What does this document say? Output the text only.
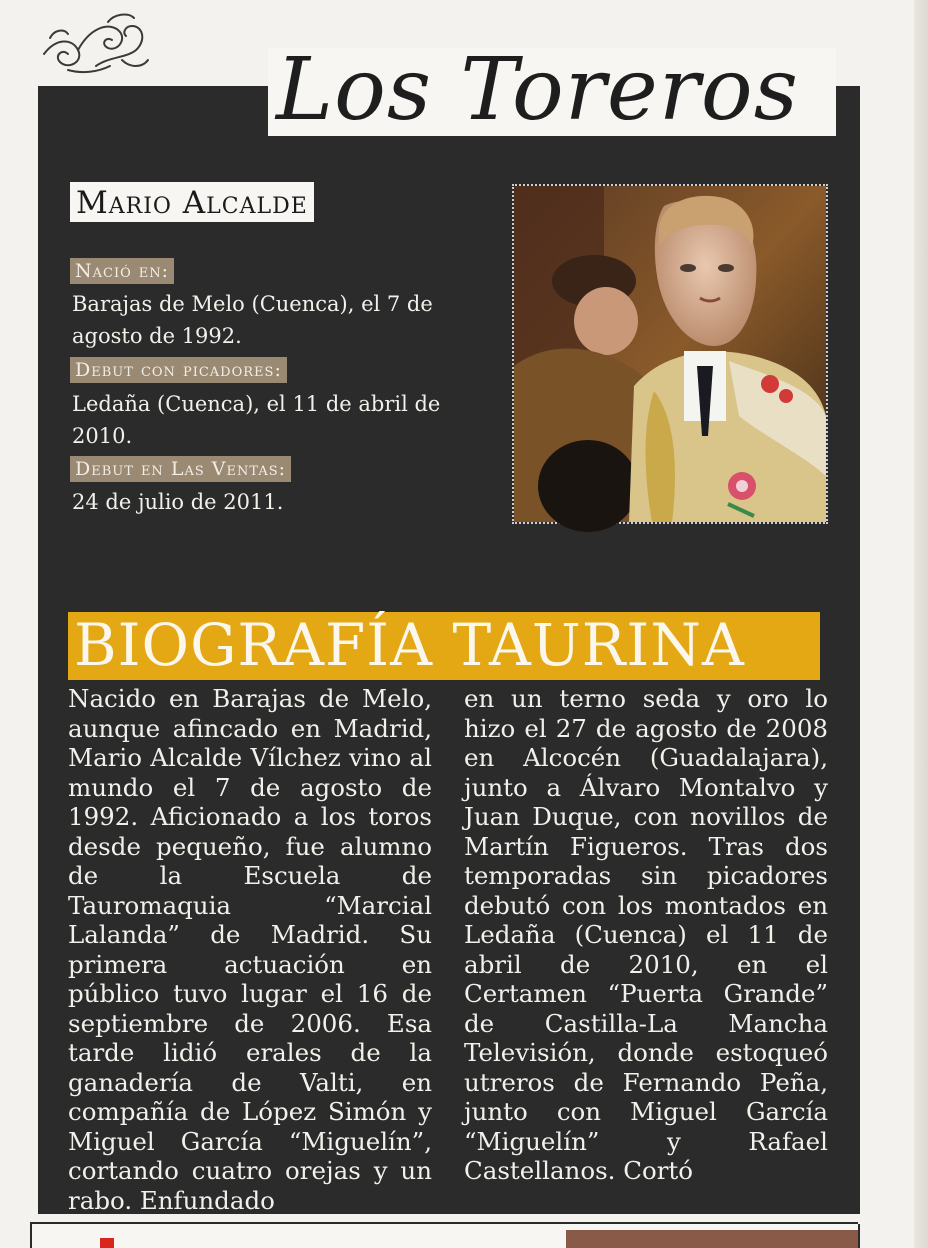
Los Toreros
Mario Alcalde
Nació en:
Barajas de Melo (Cuenca), el 7 de agosto de 1992.
Debut con picadores:
Ledaña (Cuenca), el 11 de abril de 2010.
Debut en Las Ventas:
24 de julio de 2011.
BIOGRAFÍA TAURINA

Nacido en Barajas de Melo, aunque afincado en Madrid, Mario Alcalde Vílchez vino al mundo el 7 de agosto de 1992. Aficionado a los toros desde pequeño, fue alumno de la Escuela de Tauromaquia “Marcial Lalanda” de Madrid. Su primera actuación en público tuvo lugar el 16 de septiembre de 2006. Esa tarde lidió erales de la ganadería de Valti, en compañía de López Simón y Miguel García “Miguelín”, cortando cuatro orejas y un rabo. Enfundado

en un terno seda y oro lo hizo el 27 de agosto de 2008 en Alcocén (Guadalajara), junto a Álvaro Montalvo y Juan Duque, con novillos de Martín Figueros. Tras dos temporadas sin picadores debutó con los montados en Ledaña (Cuenca) el 11 de abril de 2010, en el Certamen “Puerta Grande” de Castilla-La Mancha Televisión, donde estoqueó utreros de Fernando Peña, junto con Miguel García “Miguelín” y Rafael Castellanos. Cortó
